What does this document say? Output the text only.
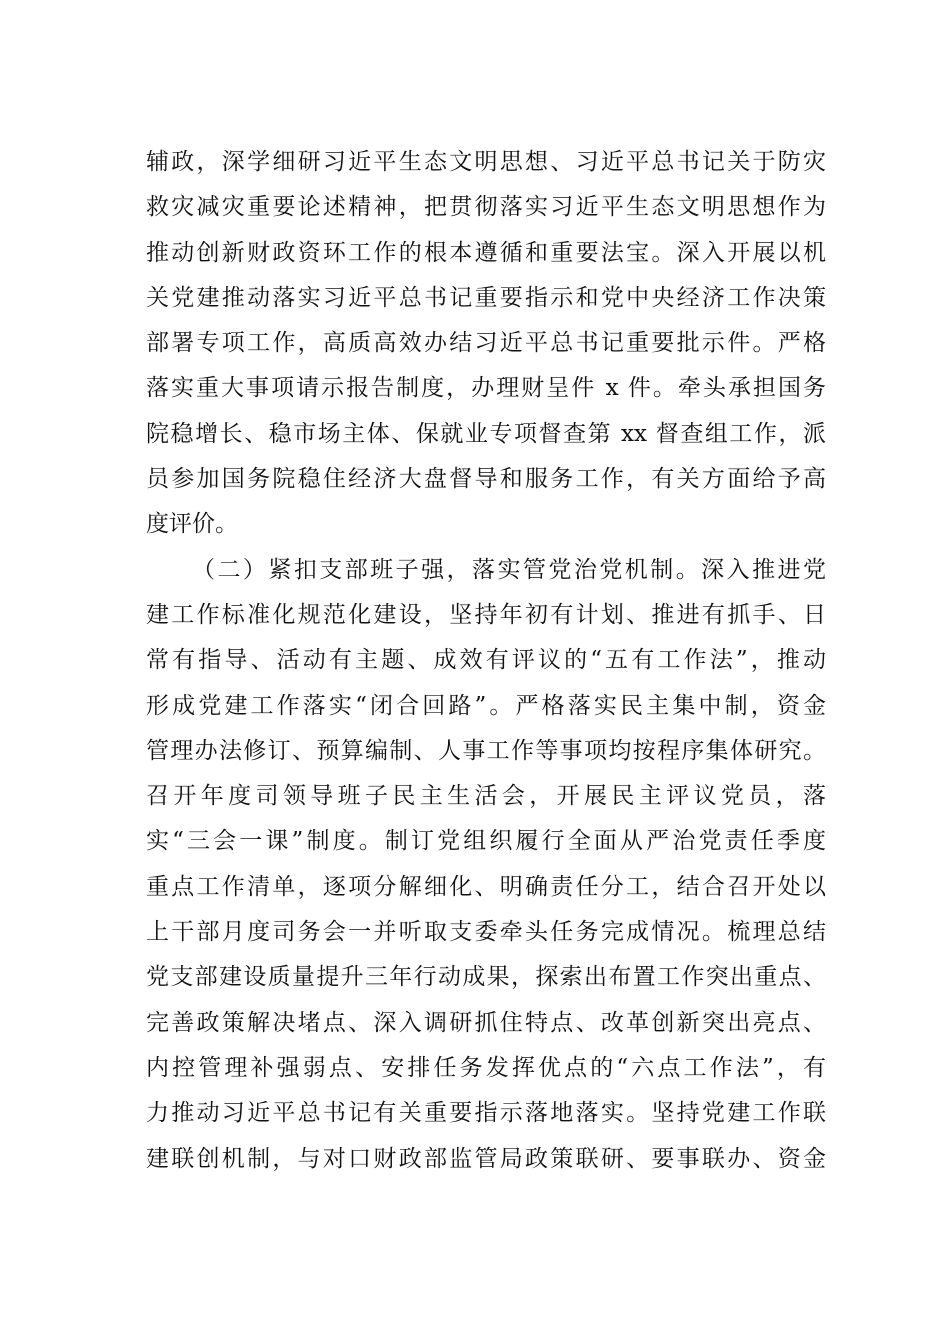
辅政，深学细研习近平生态文明思想、习近平总书记关于防灾
救灾减灾重要论述精神，把贯彻落实习近平生态文明思想作为
推动创新财政资环工作的根本遵循和重要法宝。深入开展以机
关党建推动落实习近平总书记重要指示和党中央经济工作决策
部署专项工作，高质高效办结习近平总书记重要批示件。严格
落实重大事项请示报告制度，办理财呈件 x 件。牵头承担国务
院稳增长、稳市场主体、保就业专项督查第 xx 督查组工作，派
员参加国务院稳住经济大盘督导和服务工作，有关方面给予高
度评价。
（二）紧扣支部班子强，落实管党治党机制。深入推进党
建工作标准化规范化建设，坚持年初有计划、推进有抓手、日
常有指导、活动有主题、成效有评议的“五有工作法”，推动
形成党建工作落实“闭合回路”。严格落实民主集中制，资金
管理办法修订、预算编制、人事工作等事项均按程序集体研究。
召开年度司领导班子民主生活会，开展民主评议党员，落
实“三会一课”制度。制订党组织履行全面从严治党责任季度
重点工作清单，逐项分解细化、明确责任分工，结合召开处以
上干部月度司务会一并听取支委牵头任务完成情况。梳理总结
党支部建设质量提升三年行动成果，探索出布置工作突出重点、
完善政策解决堵点、深入调研抓住特点、改革创新突出亮点、
内控管理补强弱点、安排任务发挥优点的“六点工作法”，有
力推动习近平总书记有关重要指示落地落实。坚持党建工作联
建联创机制，与对口财政部监管局政策联研、要事联办、资金
